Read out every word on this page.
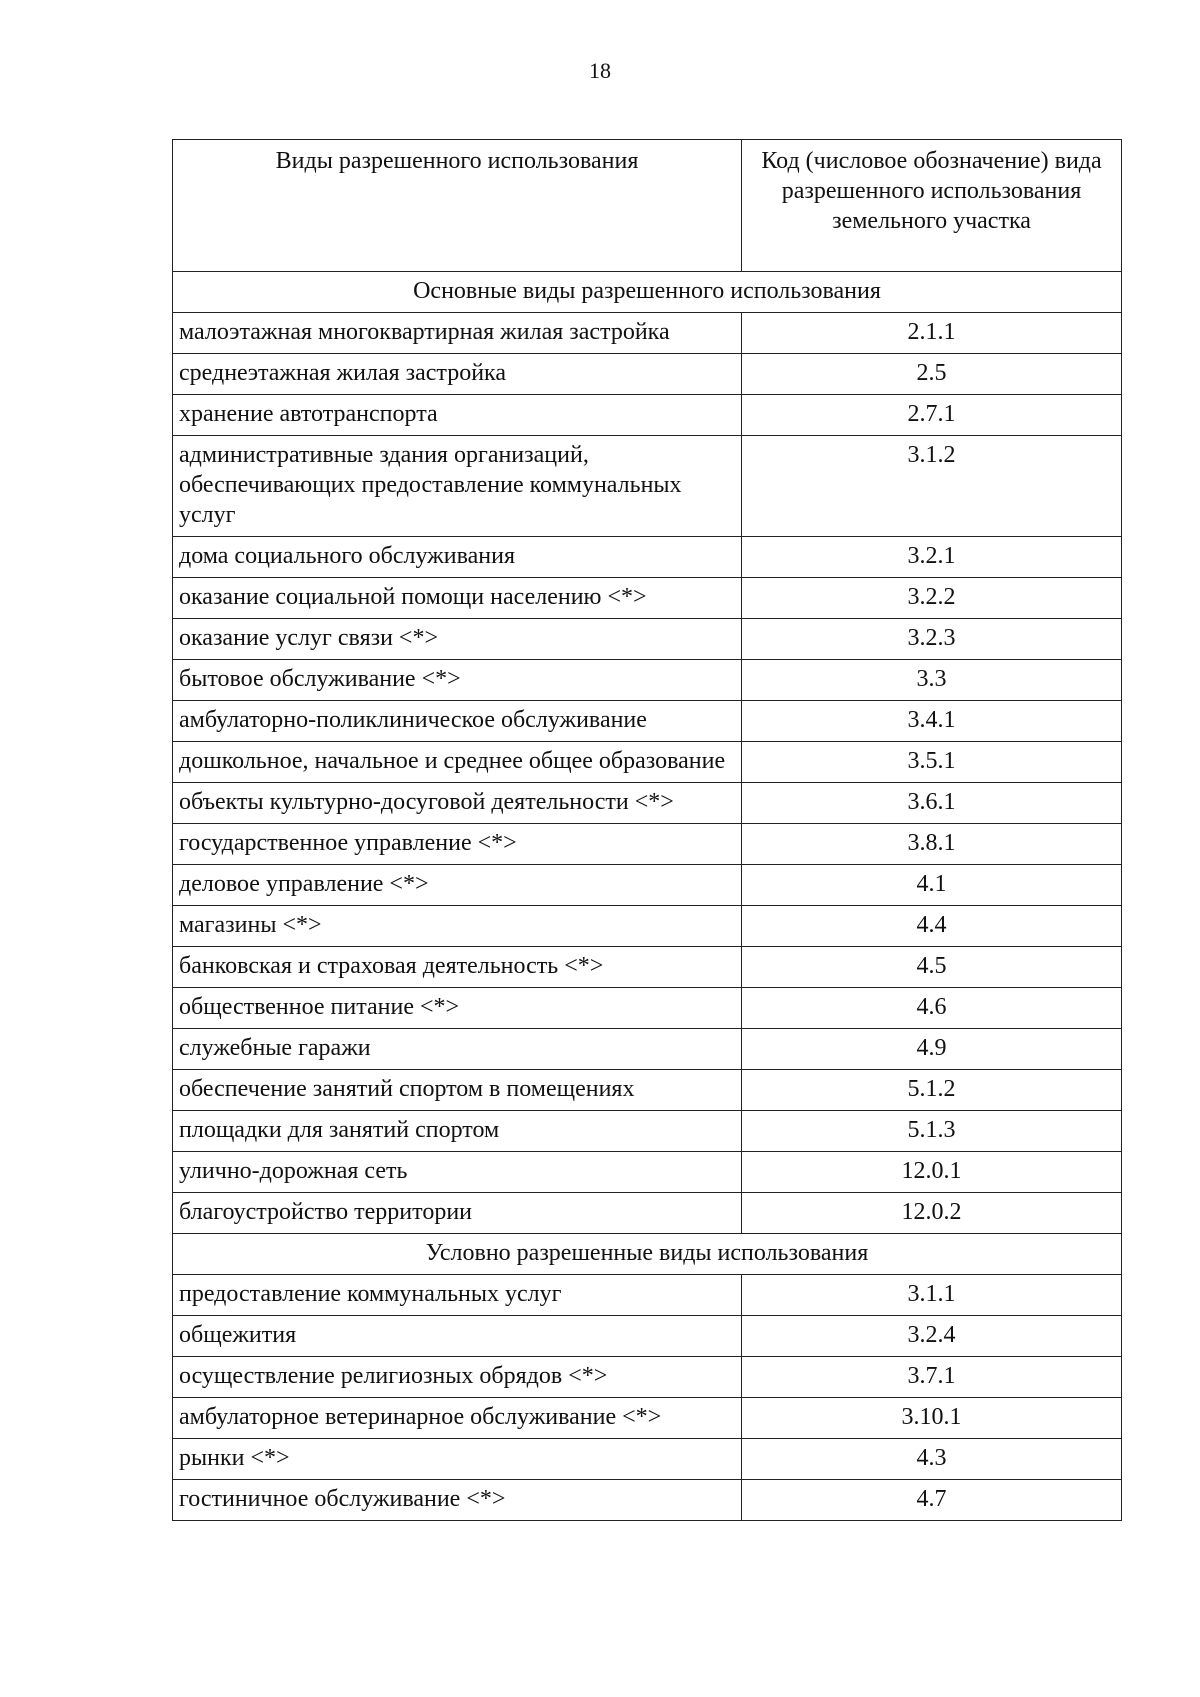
18
Виды разрешенного использования	Код (числовое обозначение) вида разрешенного использования земельного участка
Основные виды разрешенного использования	
малоэтажная многоквартирная жилая застройка	2.1.1
среднеэтажная жилая застройка	2.5
хранение автотранспорта	2.7.1
административные здания организаций, обеспечивающих предоставление коммунальных услуг	3.1.2
дома социального обслуживания	3.2.1
оказание социальной помощи населению <*>	3.2.2
оказание услуг связи <*>	3.2.3
бытовое обслуживание <*>	3.3
амбулаторно-поликлиническое обслуживание	3.4.1
дошкольное, начальное и среднее общее образование	3.5.1
объекты культурно-досуговой деятельности <*>	3.6.1
государственное управление <*>	3.8.1
деловое управление <*>	4.1
магазины <*>	4.4
банковская и страховая деятельность <*>	4.5
общественное питание <*>	4.6
служебные гаражи	4.9
обеспечение занятий спортом в помещениях	5.1.2
площадки для занятий спортом	5.1.3
улично-дорожная сеть	12.0.1
благоустройство территории	12.0.2
Условно разрешенные виды использования	
предоставление коммунальных услуг	3.1.1
общежития	3.2.4
осуществление религиозных обрядов <*>	3.7.1
амбулаторное ветеринарное обслуживание <*>	3.10.1
рынки <*>	4.3
гостиничное обслуживание <*>	4.7
